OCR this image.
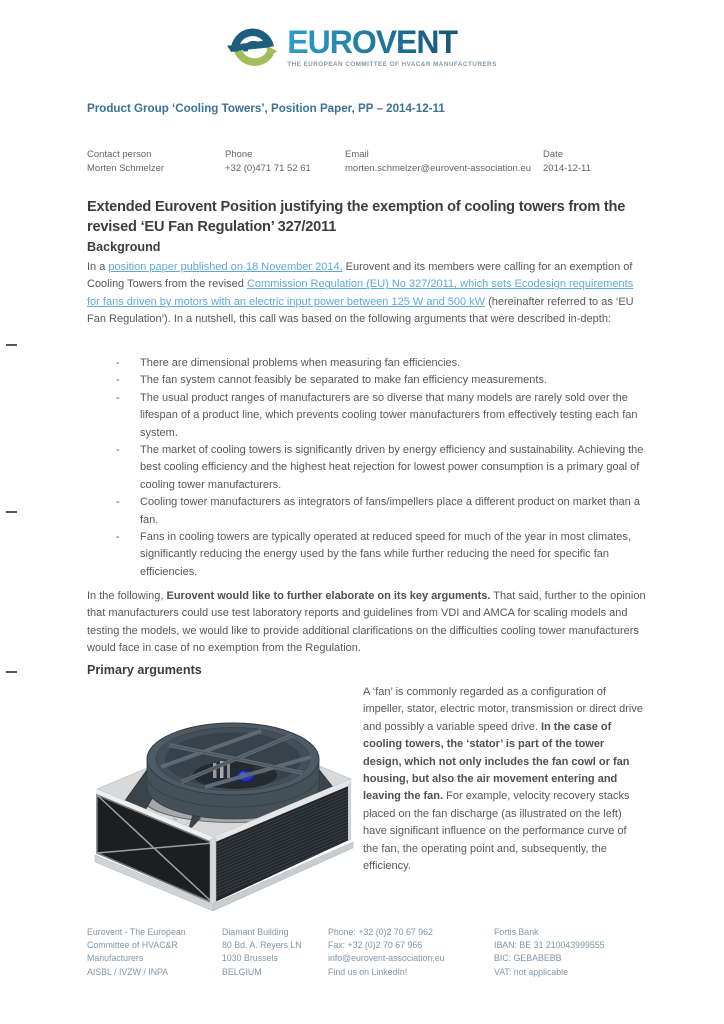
EUROVENT
THE EUROPEAN COMMITTEE OF HVAC&R MANUFACTURERS
Product Group ‘Cooling Towers’, Position Paper, PP – 2014-12-11
Contact person
Morten Schmelzer
Phone
+32 (0)471 71 52 61
Email
morten.schmelzer@eurovent-association.eu
Date
2014-12-11
Extended Eurovent Position justifying the exemption of cooling towers from the revised ‘EU Fan Regulation’ 327/2011
Background
In a position paper published on 18 November 2014, Eurovent and its members were calling for an exemption of Cooling Towers from the revised Commission Regulation (EU) No 327/2011, which sets Ecodesign requirements for fans driven by motors with an electric input power between 125 W and 500 kW (hereinafter referred to as ‘EU Fan Regulation’). In a nutshell, this call was based on the following arguments that were described in-depth:
- There are dimensional problems when measuring fan efficiencies.
- The fan system cannot feasibly be separated to make fan efficiency measurements.
- The usual product ranges of manufacturers are so diverse that many models are rarely sold over the lifespan of a product line, which prevents cooling tower manufacturers from effectively testing each fan system.
- The market of cooling towers is significantly driven by energy efficiency and sustainability. Achieving the best cooling efficiency and the highest heat rejection for lowest power consumption is a primary goal of cooling tower manufacturers.
- Cooling tower manufacturers as integrators of fans/impellers place a different product on market than a fan.
- Fans in cooling towers are typically operated at reduced speed for much of the year in most climates, significantly reducing the energy used by the fans while further reducing the need for specific fan efficiencies.
In the following, Eurovent would like to further elaborate on its key arguments. That said, further to the opinion that manufacturers could use test laboratory reports and guidelines from VDI and AMCA for scaling models and testing the models, we would like to provide additional clarifications on the difficulties cooling tower manufacturers would face in case of no exemption from the Regulation.
Primary arguments
A ‘fan’ is commonly regarded as a configuration of impeller, stator, electric motor, transmission or direct drive and possibly a variable speed drive. In the case of cooling towers, the ‘stator’ is part of the tower design, which not only includes the fan cowl or fan housing, but also the air movement entering and leaving the fan. For example, velocity recovery stacks placed on the fan discharge (as illustrated on the left) have significant influence on the performance curve of the fan, the operating point and, subsequently, the efficiency.
Eurovent - The European
Committee of HVAC&R
Manufacturers
AISBL / IVZW / INPA
Diamant Building
80 Bd. A. Reyers LN
1030 Brussels
BELGIUM
Phone: +32 (0)2 70 67 962
Fax: +32 (0)2 70 67 966
info@eurovent-association.eu
Find us on LinkedIn!
Fortis Bank
IBAN: BE 31 210043999555
BIC: GEBABEBB
VAT: not applicable
